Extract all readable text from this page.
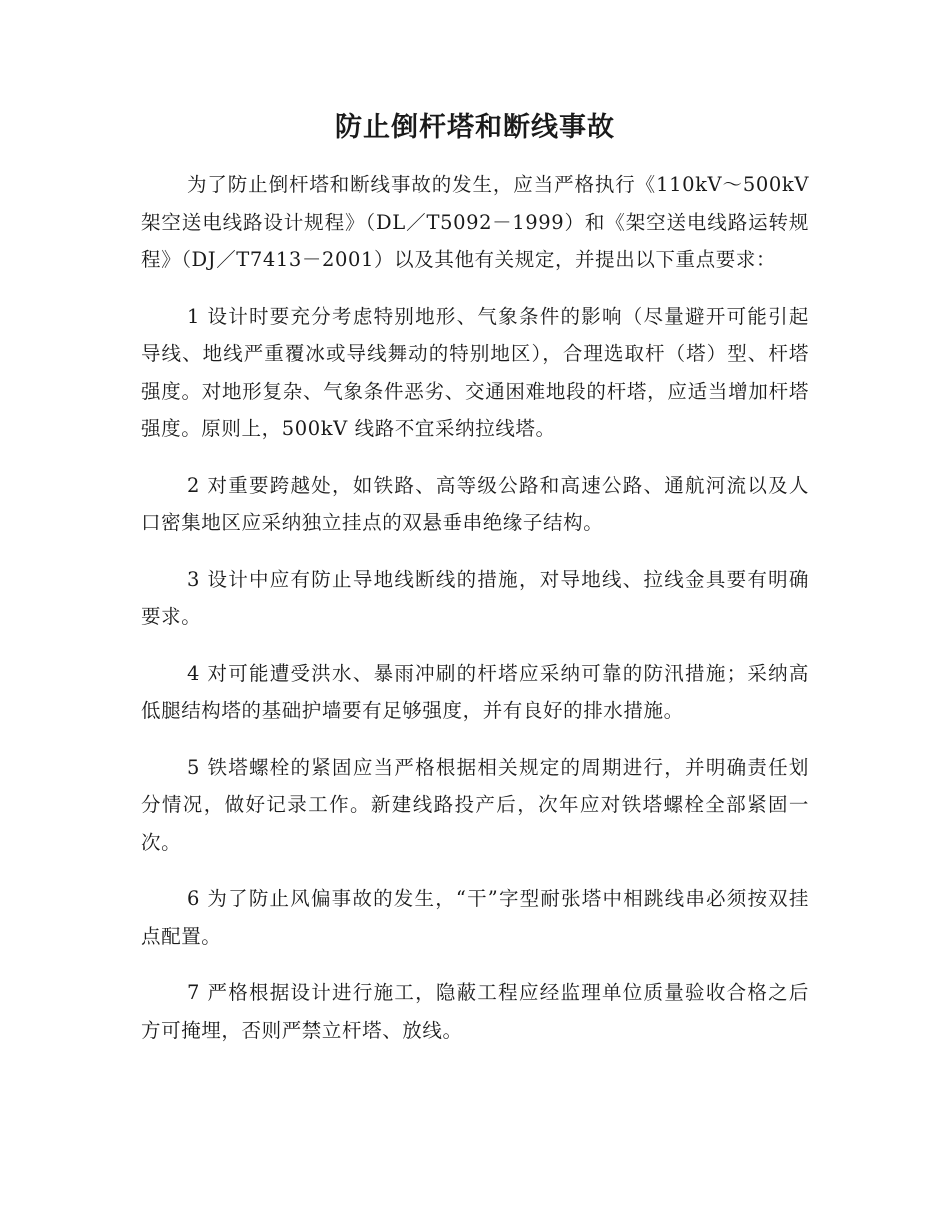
防止倒杆塔和断线事故

为了防止倒杆塔和断线事故的发生，应当严格执行《110kV～500kV 架空送电线路设计规程》（DL／T5092－1999）和《架空送电线路运转规程》（DJ／T7413－2001）以及其他有关规定，并提出以下重点要求：

1 设计时要充分考虑特别地形、气象条件的影响（尽量避开可能引起导线、地线严重覆冰或导线舞动的特别地区），合理选取杆（塔）型、杆塔强度。对地形复杂、气象条件恶劣、交通困难地段的杆塔，应适当增加杆塔强度。原则上，500kV 线路不宜采纳拉线塔。

2 对重要跨越处，如铁路、高等级公路和高速公路、通航河流以及人口密集地区应采纳独立挂点的双悬垂串绝缘子结构。

3 设计中应有防止导地线断线的措施，对导地线、拉线金具要有明确要求。

4 对可能遭受洪水、暴雨冲刷的杆塔应采纳可靠的防汛措施；采纳高低腿结构塔的基础护墙要有足够强度，并有良好的排水措施。

5 铁塔螺栓的紧固应当严格根据相关规定的周期进行，并明确责任划分情况，做好记录工作。新建线路投产后，次年应对铁塔螺栓全部紧固一次。

6 为了防止风偏事故的发生，“干”字型耐张塔中相跳线串必须按双挂点配置。

7 严格根据设计进行施工，隐蔽工程应经监理单位质量验收合格之后方可掩埋，否则严禁立杆塔、放线。
